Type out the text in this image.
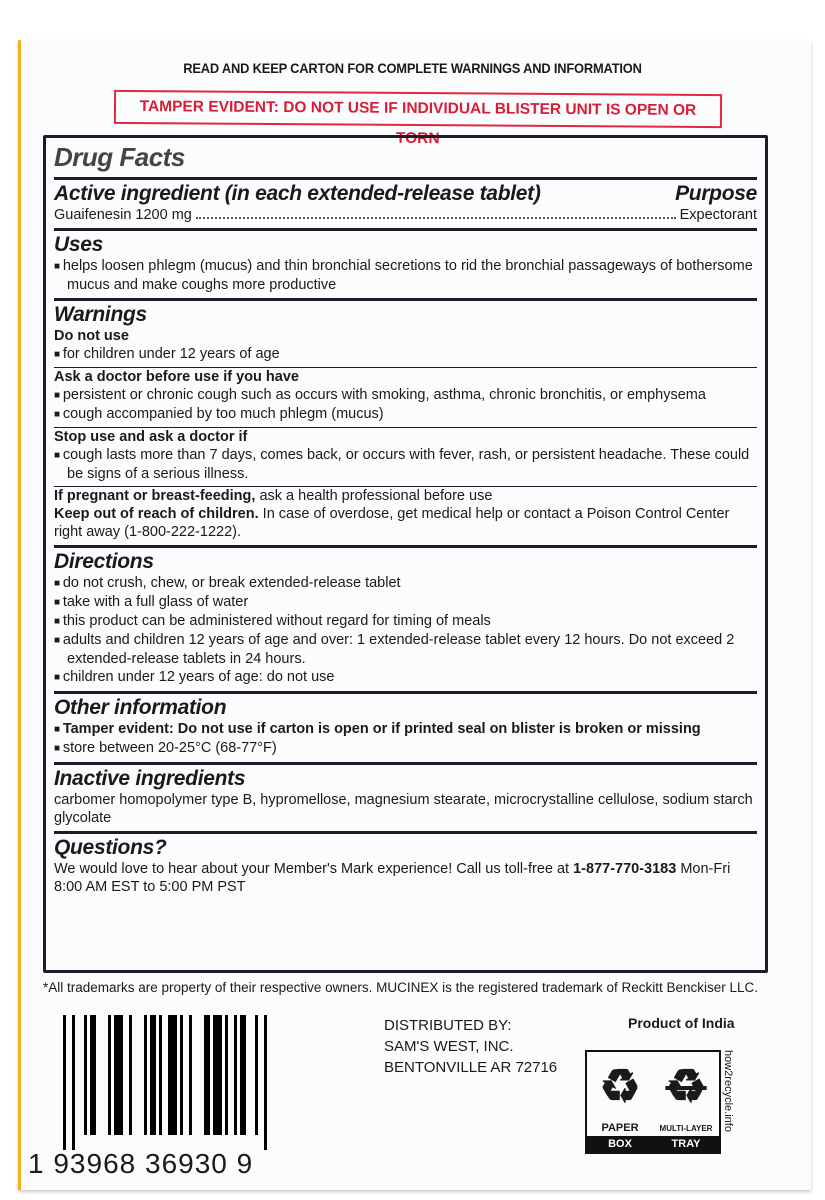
READ AND KEEP CARTON FOR COMPLETE WARNINGS AND INFORMATION
TAMPER EVIDENT: DO NOT USE IF INDIVIDUAL BLISTER UNIT IS OPEN OR TORN
Drug Facts
Active ingredient (in each extended-release tablet)	Purpose

Guaifenesin 1200 mg	Expectorant

Uses

■ helps loosen phlegm (mucus) and thin bronchial secretions to rid the bronchial passageways of bothersome mucus and make coughs more productive

Warnings

Do not use

■ for children under 12 years of age

Ask a doctor before use if you have

■ persistent or chronic cough such as occurs with smoking, asthma, chronic bronchitis, or emphysema

■ cough accompanied by too much phlegm (mucus)

Stop use and ask a doctor if

■ cough lasts more than 7 days, comes back, or occurs with fever, rash, or persistent headache. These could be signs of a serious illness.

If pregnant or breast-feeding, ask a health professional before use

Keep out of reach of children. In case of overdose, get medical help or contact a Poison Control Center right away (1-800-222-1222).

Directions

■ do not crush, chew, or break extended-release tablet

■ take with a full glass of water

■ this product can be administered without regard for timing of meals

■ adults and children 12 years of age and over: 1 extended-release tablet every 12 hours. Do not exceed 2 extended-release tablets in 24 hours.

■ children under 12 years of age: do not use

Other information

■ Tamper evident: Do not use if carton is open or if printed seal on blister is broken or missing

■ store between 20-25°C (68-77°F)

Inactive ingredients

carbomer homopolymer type B, hypromellose, magnesium stearate, microcrystalline cellulose, sodium starch glycolate

Questions?

We would love to hear about your Member's Mark experience! Call us toll-free at 1-877-770-3183 Mon-Fri 8:00 AM EST to 5:00 PM PST

*All trademarks are property of their respective owners. MUCINEX is the registered trademark of Reckitt Benckiser LLC.
1 93968 36930 9
DISTRIBUTED BY:
SAM'S WEST, INC.
BENTONVILLE AR 72716
Product of India
♻ ♻
PAPER	MULTI-LAYER
BOX	TRAY
how2recycle.info
